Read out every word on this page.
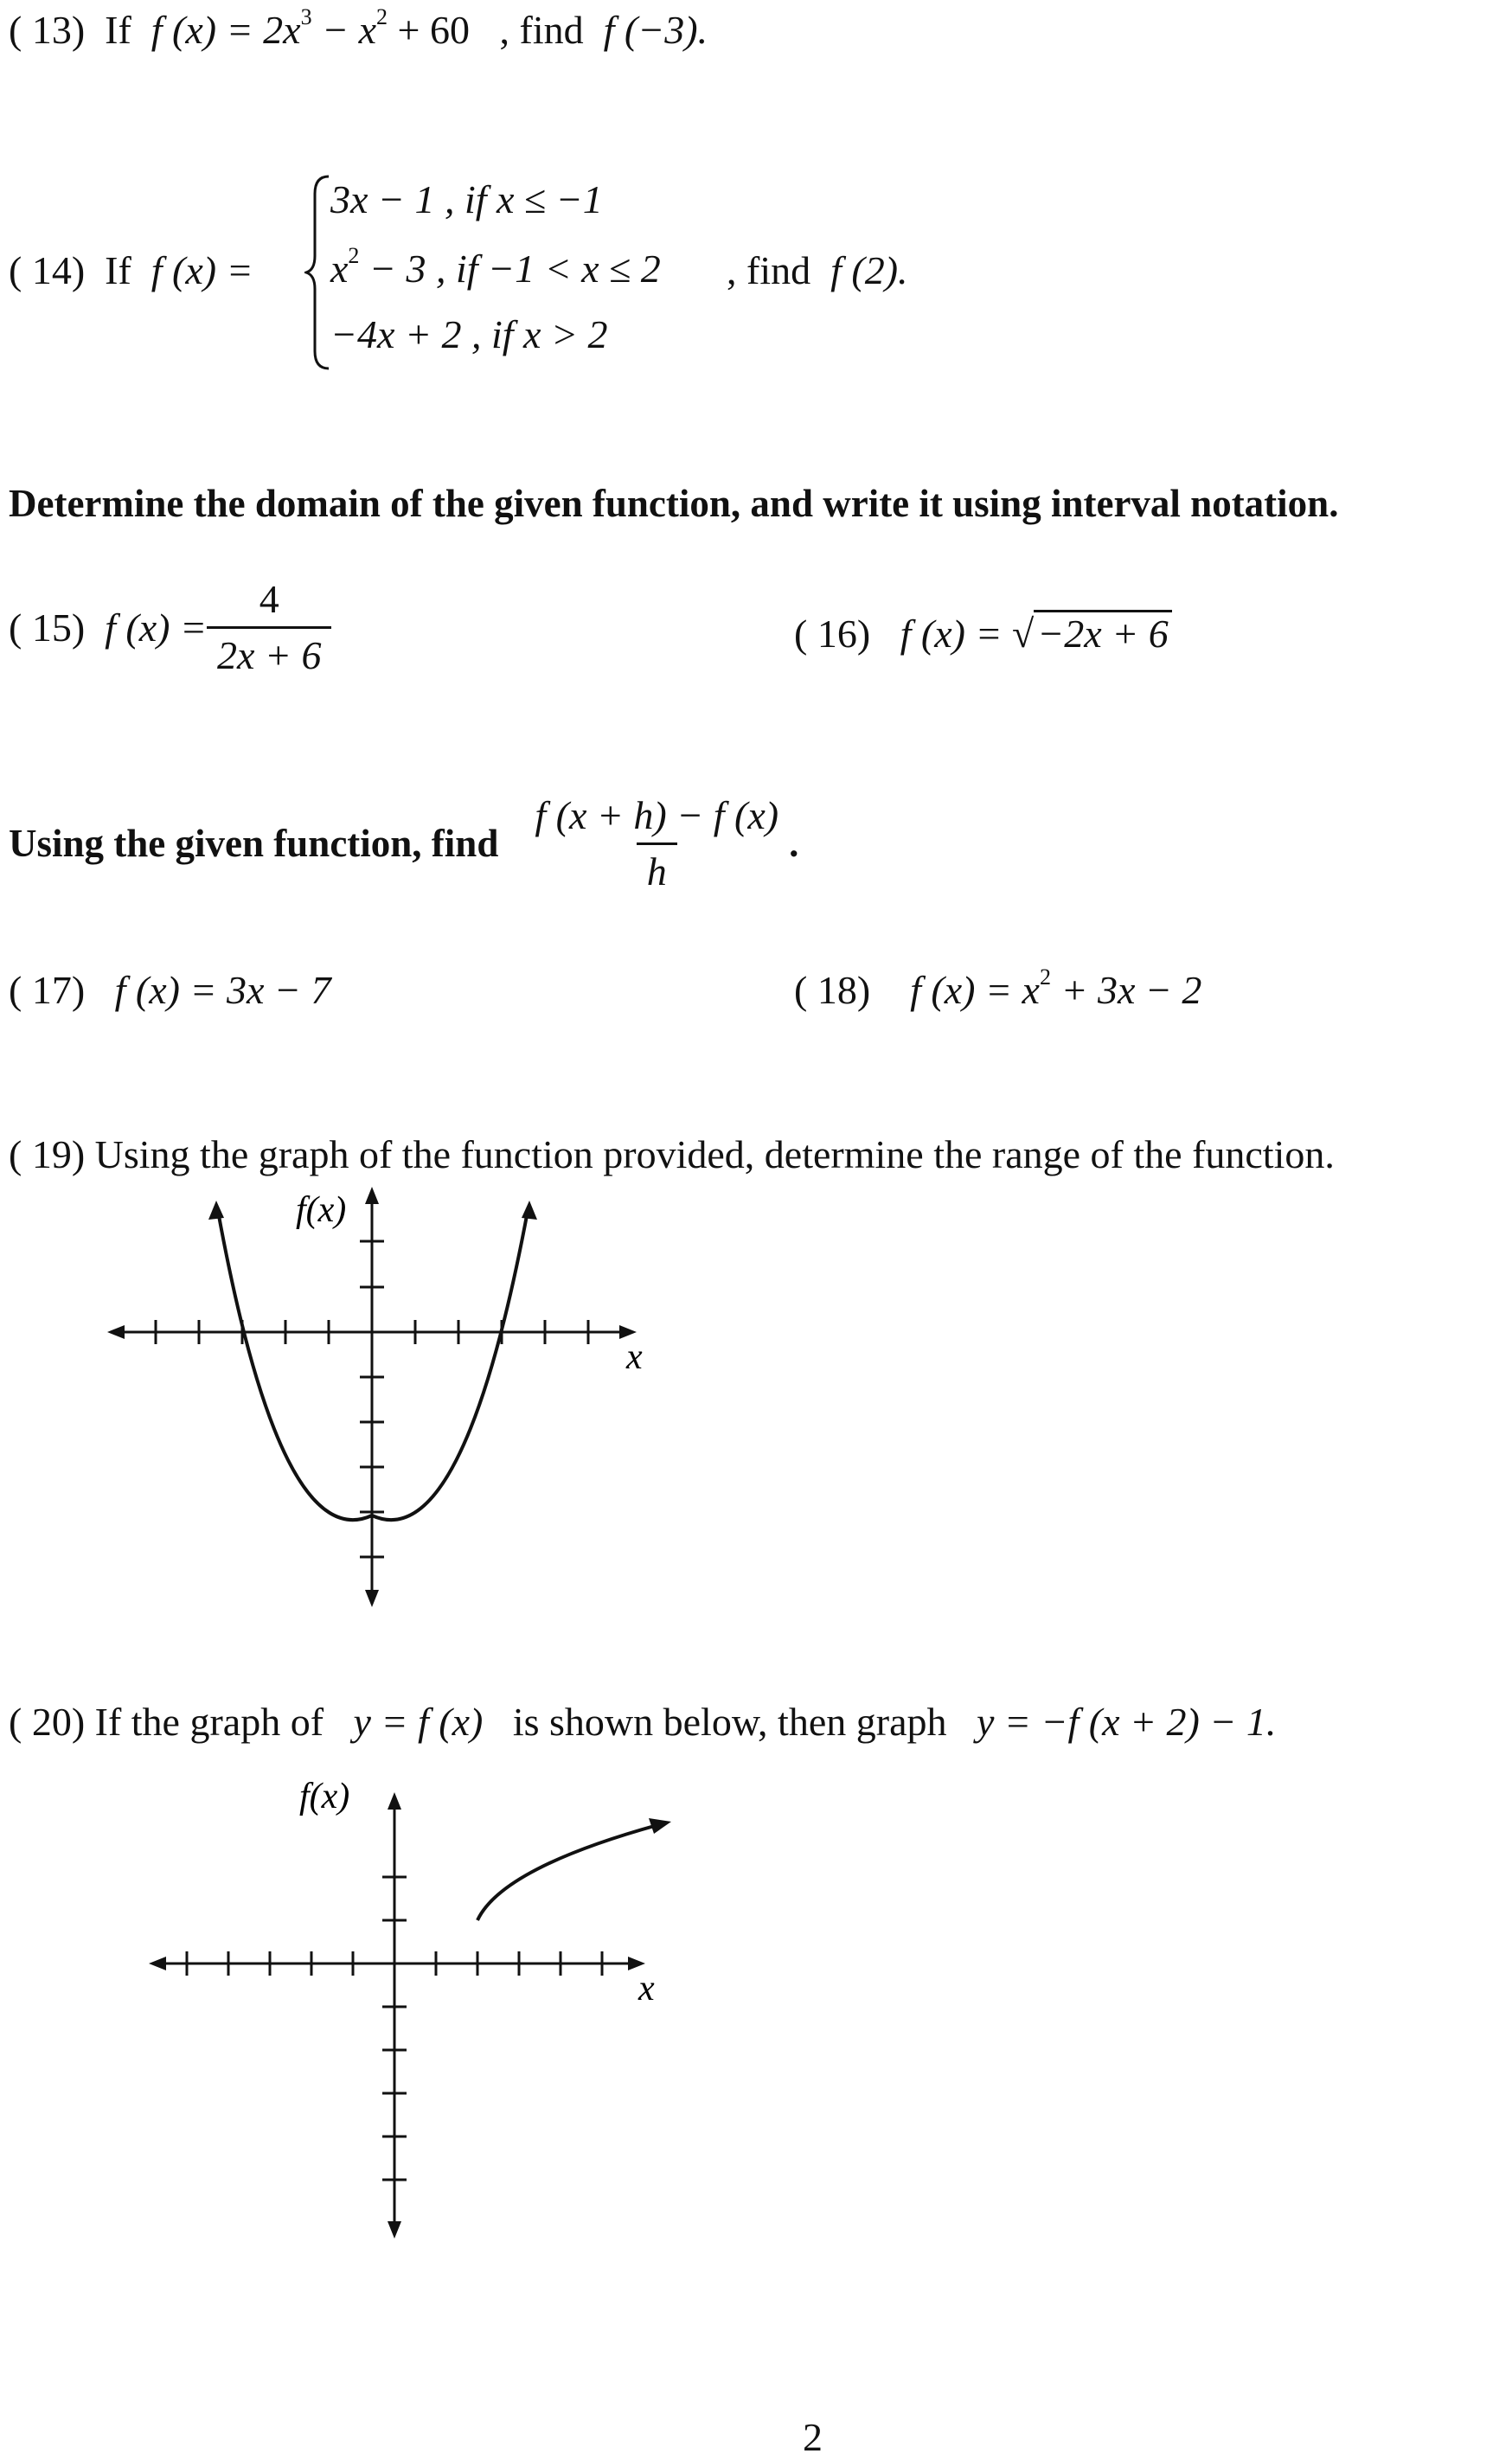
( 13) If f $(x) = 2x^3 - x^2 + 60$ , find f (−3).
( 14) If f (x) =
3x − 1 , if x ≤ −1
$x^2 - 3$ , if −1 < x ≤ 2
−4x + 2 , if x > 2
, find f (2).
Determine the domain of the given function, and write it using interval notation.
( 15)
f $(x) = \frac{4}{2x + 6}$	( 16) f (x) = √−2x + 6
Using the given function, find $\frac{f (x + h) - f (x)}{h}$ .
( 17) f (x) = 3x − 7	( 18) f $(x) = x^2 + 3x - 2$
( 19) Using the graph of the function provided, determine the range of the function.
f(x)
x
( 20) If the graph of y = f (x) is shown below, then graph y = −f (x + 2) − 1.
f(x)
x
2
